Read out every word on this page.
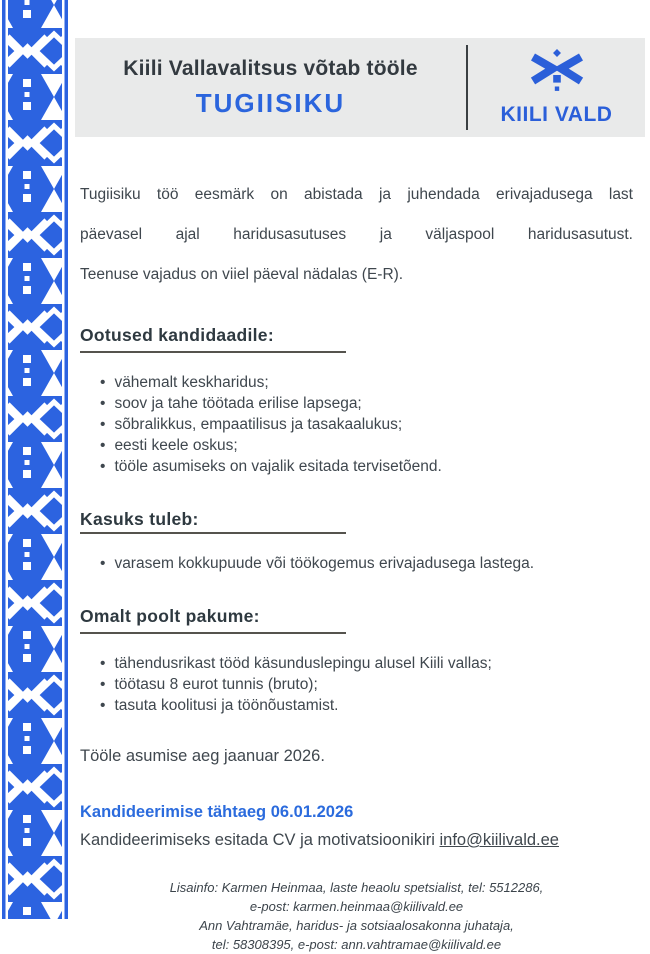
Kiili Vallavalitsus võtab tööle
TUGIISIKU	KIILI VALD
Tugiisiku töö eesmärk on abistada ja juhendada erivajadusega last
päevasel ajal haridusasutuses ja väljaspool haridusasutust.
Teenuse vajadus on viiel päeval nädalas (E-R).
Ootused kandidaadile:
• vähemalt keskharidus;
• soov ja tahe töötada erilise lapsega;
• sõbralikkus, empaatilisus ja tasakaalukus;
• eesti keele oskus;
• tööle asumiseks on vajalik esitada tervisetõend.
Kasuks tuleb:
• varasem kokkupuude või töökogemus erivajadusega lastega.
Omalt poolt pakume:
• tähendusrikast tööd käsunduslepingu alusel Kiili vallas;
• töötasu 8 eurot tunnis (bruto);
• tasuta koolitusi ja töönõustamist.
Tööle asumise aeg jaanuar 2026.
Kandideerimise tähtaeg 06.01.2026
Kandideerimiseks esitada CV ja motivatsioonikiri info@kiilivald.ee
Lisainfo: Karmen Heinmaa, laste heaolu spetsialist, tel: 5512286,
e-post: karmen.heinmaa@kiilivald.ee
Ann Vahtramäe, haridus- ja sotsiaalosakonna juhataja,
tel: 58308395, e-post: ann.vahtramae@kiilivald.ee
